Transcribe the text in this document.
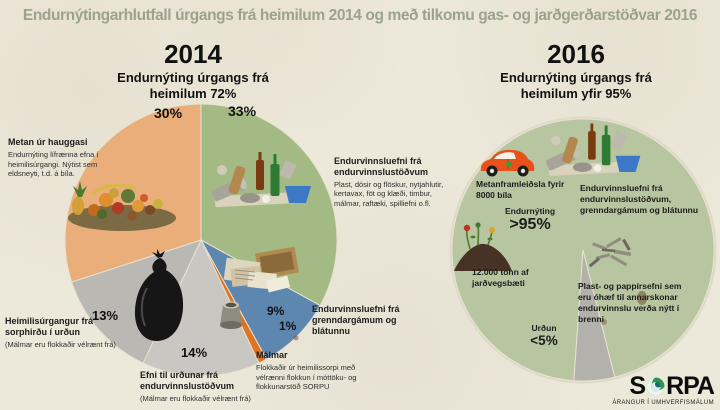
Endurnýtingarhlutfall úrgangs frá heimilum 2014 og með tilkomu gas- og jarðgerðarstöðvar 2016
2014
Endurnýting úrgangs frá heimilum 72%
2016
Endurnýting úrgangs frá heimilum yfir 95%
30%	33%
13%
14%
9%
1%
Metan úr hauggasi

Endurnýting lífrænna efna í heimilisúrgangi. Nýtist sem eldsneyti, t.d. á bíla.

Heimilisúrgangur frá sorphirðu í urðun

(Málmar eru flokkaðir vélrænt frá)

Efni til urðunar frá endurvinnslustöðvum

(Málmar eru flokkaðir vélrænt frá)

Málmar

Flokkaðir úr heimilissorpi með vélrænni flokkun í móttöku- og flokkunarstöð SORPU

Endurvinnsluefni frá endurvinnslustöðvum

Plast, dósir og flöskur, nytjahlutir, kertavax, föt og klæði, timbur, málmar, raftæki, spilliefni o.fl.

Endurvinnsluefni frá grenndargámum og blátunnu
Metanframleiðsla fyrir 8000 bíla
Endurvinnsluefni frá endurvinnslustöðvum, grenndargámum og blátunnu
Endurnýting
>95%
12.000 tonn af jarðvegsbæti	Plast- og pappírsefni sem eru óhæf til annarskonar endurvinnslu verða nýtt í brenni
Urðun
<5%
S RPA
ÁRANGUR Í UMHVERFISMÁLUM
